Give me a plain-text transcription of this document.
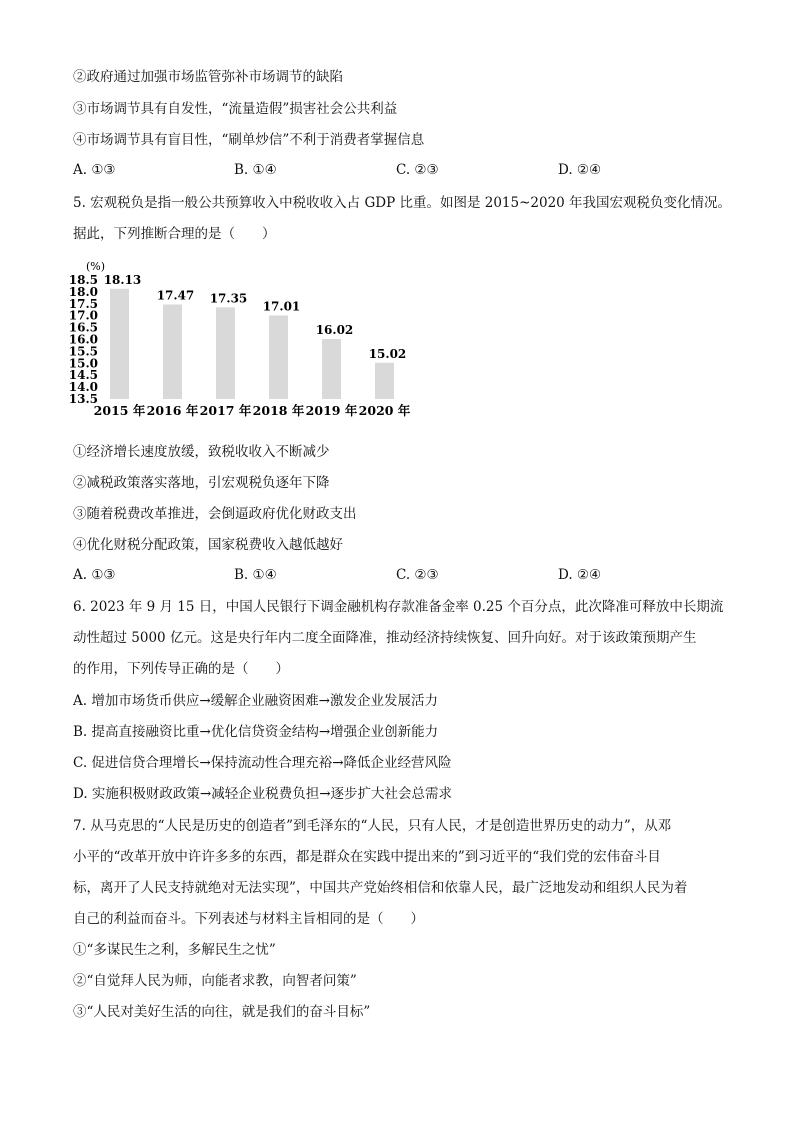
②政府通过加强市场监管弥补市场调节的缺陷
③市场调节具有自发性，“流量造假”损害社会公共利益
④市场调节具有盲目性，“刷单炒信”不利于消费者掌握信息
A. ①③	B. ①④	C. ②③	D. ②④
5. 宏观税负是指一般公共预算收入中税收收入占 GDP 比重。如图是 2015~2020 年我国宏观税负变化情况。
据此，下列推断合理的是（　　）
(%)
13.5
14.0
14.5
15.0
15.5
16.0
16.5
17.0
17.5
18.0
18.5 18.13
17.47 17.35
17.01
16.02
15.02
2015 年 2016 年 2017 年 2018 年 2019 年 2020 年
①经济增长速度放缓，致税收收入不断减少
②减税政策落实落地，引宏观税负逐年下降
③随着税费改革推进，会倒逼政府优化财政支出
④优化财税分配政策，国家税费收入越低越好
A. ①③	B. ①④	C. ②③	D. ②④
6. 2023 年 9 月 15 日，中国人民银行下调金融机构存款准备金率 0.25 个百分点，此次降准可释放中长期流
动性超过 5000 亿元。这是央行年内二度全面降准，推动经济持续恢复、回升向好。对于该政策预期产生
的作用，下列传导正确的是（　　）
A. 增加市场货币供应→缓解企业融资困难→激发企业发展活力
B. 提高直接融资比重→优化信贷资金结构→增强企业创新能力
C. 促进信贷合理增长→保持流动性合理充裕→降低企业经营风险
D. 实施积极财政政策→减轻企业税费负担→逐步扩大社会总需求
7. 从马克思的“人民是历史的创造者”到毛泽东的“人民，只有人民，才是创造世界历史的动力”，从邓
小平的“改革开放中许许多多的东西，都是群众在实践中提出来的”到习近平的“我们党的宏伟奋斗目
标，离开了人民支持就绝对无法实现”，中国共产党始终相信和依靠人民，最广泛地发动和组织人民为着
自己的利益而奋斗。下列表述与材料主旨相同的是（　　）
①“多谋民生之利，多解民生之忧”
②“自觉拜人民为师，向能者求教，向智者问策”
③“人民对美好生活的向往，就是我们的奋斗目标”
